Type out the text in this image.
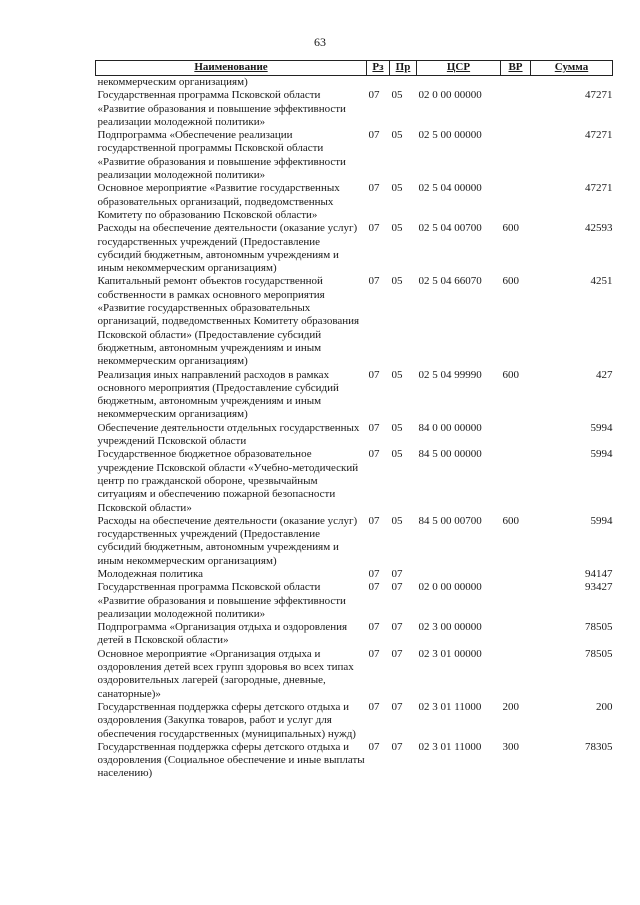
63
Наименование	Рз	Пр	ЦСР	ВР	Сумма
некоммерческим организациям)					
Государственная программа Псковской области «Развитие образования и повышение эффективности реализации молодежной политики»	07	05	02 0 00 00000		47271
Подпрограмма «Обеспечение реализации государственной программы Псковской области «Развитие образования и повышение эффективности реализации молодежной политики»	07	05	02 5 00 00000		47271
Основное мероприятие «Развитие государственных образовательных организаций, подведомственных Комитету по образованию Псковской области»	07	05	02 5 04 00000		47271
Расходы на обеспечение деятельности (оказание услуг) государственных учреждений (Предоставление субсидий бюджетным, автономным учреждениям и иным некоммерческим организациям)	07	05	02 5 04 00700	600	42593
Капитальный ремонт объектов государственной собственности в рамках основного мероприятия «Развитие государственных образовательных организаций, подведомственных Комитету образования Псковской области» (Предоставление субсидий бюджетным, автономным учреждениям и иным некоммерческим организациям)	07	05	02 5 04 66070	600	4251
Реализация иных направлений расходов в рамках основного мероприятия (Предоставление субсидий бюджетным, автономным учреждениям и иным некоммерческим организациям)	07	05	02 5 04 99990	600	427
Обеспечение деятельности отдельных государственных учреждений Псковской области	07	05	84 0 00 00000		5994
Государственное бюджетное образовательное учреждение Псковской области «Учебно-методический центр по гражданской обороне, чрезвычайным ситуациям и обеспечению пожарной безопасности Псковской области»	07	05	84 5 00 00000		5994
Расходы на обеспечение деятельности (оказание услуг) государственных учреждений (Предоставление субсидий бюджетным, автономным учреждениям и иным некоммерческим организациям)	07	05	84 5 00 00700	600	5994
Молодежная политика	07	07			94147
Государственная программа Псковской области «Развитие образования и повышение эффективности реализации молодежной политики»	07	07	02 0 00 00000		93427
Подпрограмма «Организация отдыха и оздоровления детей в Псковской области»	07	07	02 3 00 00000		78505
Основное мероприятие «Организация отдыха и оздоровления детей всех групп здоровья во всех типах оздоровительных лагерей (загородные, дневные, санаторные)»	07	07	02 3 01 00000		78505
Государственная поддержка сферы детского отдыха и оздоровления (Закупка товаров, работ и услуг для обеспечения государственных (муниципальных) нужд)	07	07	02 3 01 11000	200	200
Государственная поддержка сферы детского отдыха и оздоровления (Социальное обеспечение и иные выплаты населению)	07	07	02 3 01 11000	300	78305
